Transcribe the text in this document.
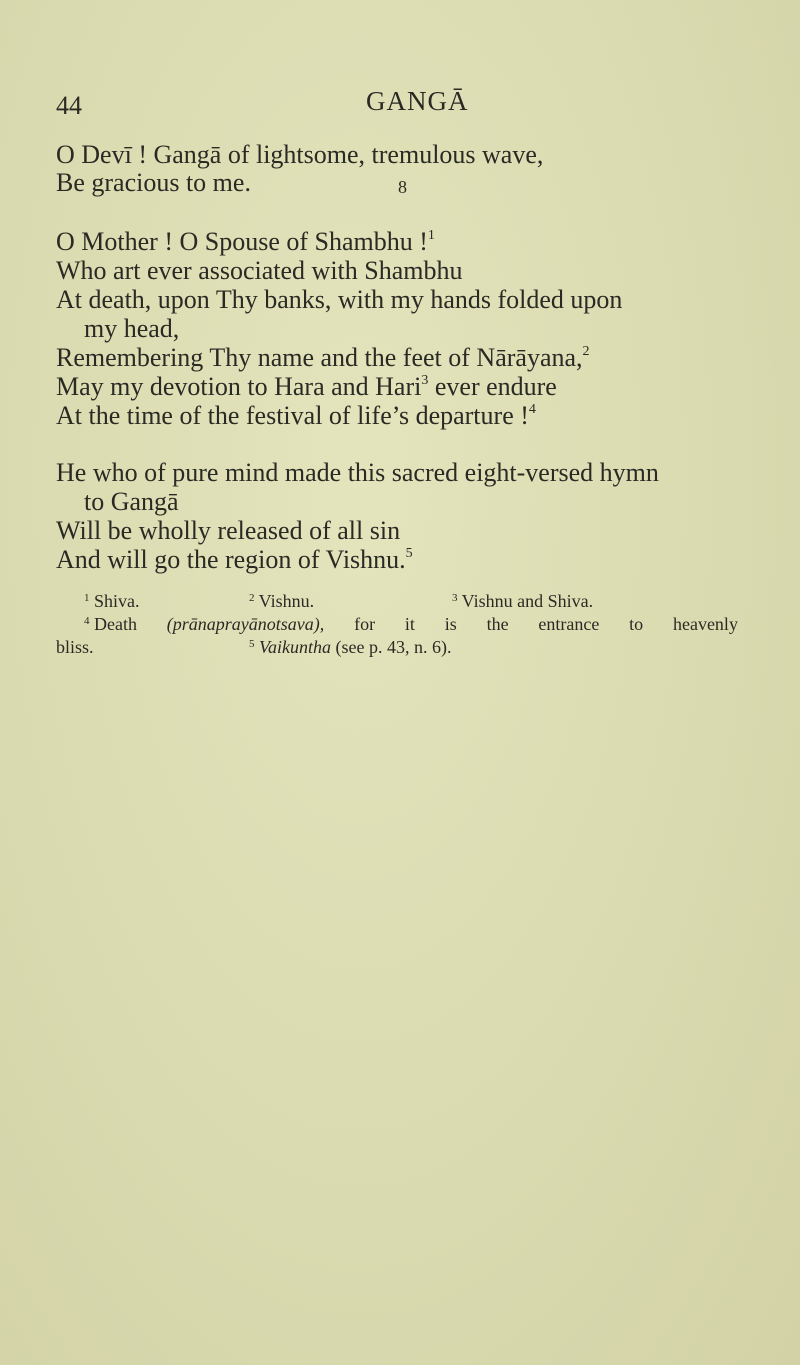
44	GANGĀ
O Devī ! Gangā of lightsome, tremulous wave,
Be gracious to me.	8
O Mother ! O Spouse of Shambhu !$^1$
Who art ever associated with Shambhu
At death, upon Thy banks, with my hands folded upon
my head,
Remembering Thy name and the feet of Nārāyana,$^2$
May my devotion to Hara and Hari$^3$ ever endure
At the time of the festival of life’s departure !$^4$
He who of pure mind made this sacred eight-versed hymn
to Gangā
Will be wholly released of all sin
And will go the region of Vishnu.$^5$
$^1$ Shiva.	$^2$ Vishnu.	$^3$ Vishnu and Shiva.
$^4$ Death (prānaprayānotsava), for it is the entrance to heavenly
bliss.	$^5$ Vaikuntha (see p. 43, n. 6).
